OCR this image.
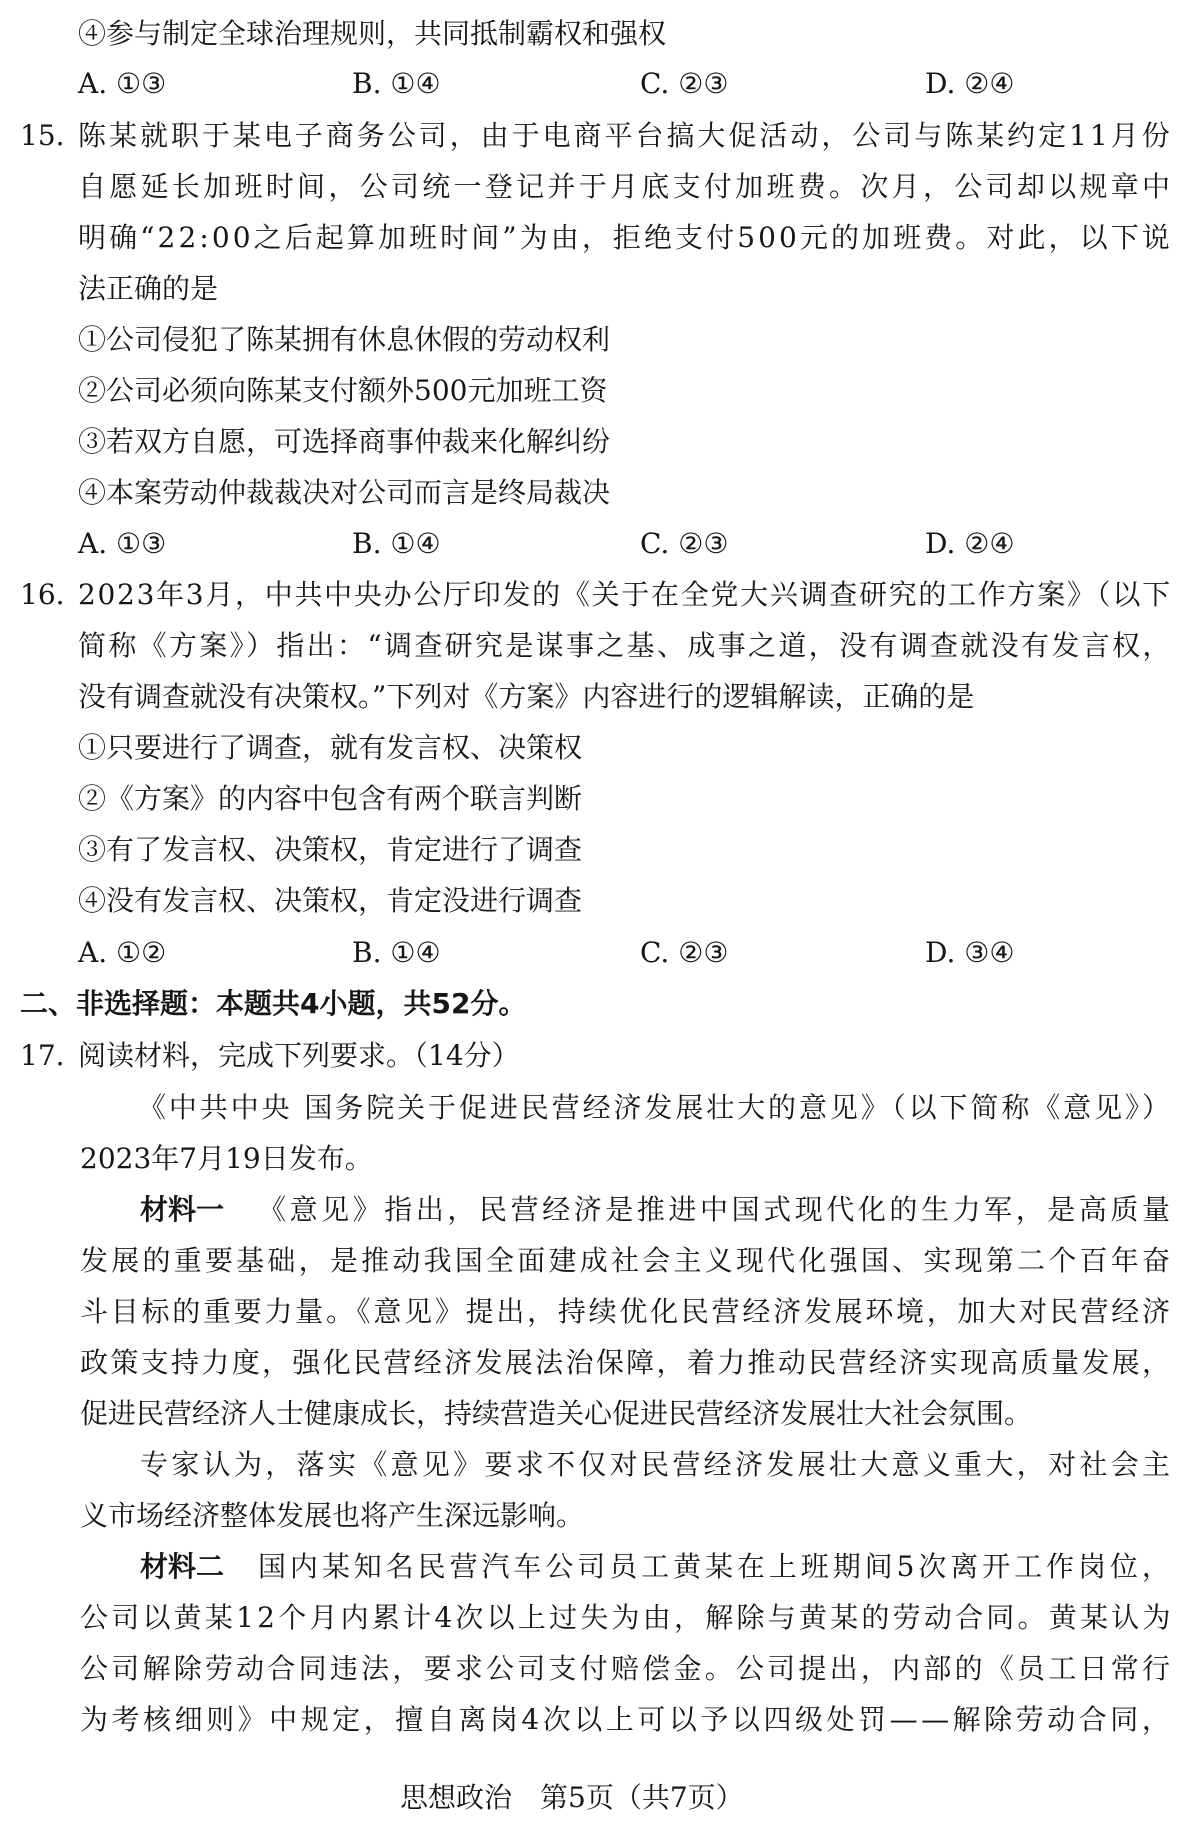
④参与制定全球治理规则，共同抵制霸权和强权
A. ①③	B. ①④	C. ②③	D. ②④
15. 陈某就职于某电子商务公司，由于电商平台搞大促活动，公司与陈某约定11月份
自愿延长加班时间，公司统一登记并于月底支付加班费。次月，公司却以规章中
明确“22:00之后起算加班时间”为由，拒绝支付500元的加班费。对此，以下说
法正确的是
①公司侵犯了陈某拥有休息休假的劳动权利
②公司必须向陈某支付额外500元加班工资
③若双方自愿，可选择商事仲裁来化解纠纷
④本案劳动仲裁裁决对公司而言是终局裁决
A. ①③	B. ①④	C. ②③	D. ②④
16. 2023年3月，中共中央办公厅印发的《关于在全党大兴调查研究的工作方案》（以下
简称《方案》）指出：“调查研究是谋事之基、成事之道，没有调查就没有发言权，
没有调查就没有决策权。”下列对《方案》内容进行的逻辑解读，正确的是
①只要进行了调查，就有发言权、决策权
②《方案》的内容中包含有两个联言判断
③有了发言权、决策权，肯定进行了调查
④没有发言权、决策权，肯定没进行调查
A. ①②	B. ①④	C. ②③	D. ③④
二、非选择题：本题共4小题，共52分。
17. 阅读材料，完成下列要求。（14分）
《中共中央 国务院关于促进民营经济发展壮大的意见》（以下简称《意见》）
2023年7月19日发布。
材料一 《意见》指出，民营经济是推进中国式现代化的生力军，是高质量
发展的重要基础，是推动我国全面建成社会主义现代化强国、实现第二个百年奋
斗目标的重要力量。《意见》提出，持续优化民营经济发展环境，加大对民营经济
政策支持力度，强化民营经济发展法治保障，着力推动民营经济实现高质量发展，
促进民营经济人士健康成长，持续营造关心促进民营经济发展壮大社会氛围。
专家认为，落实《意见》要求不仅对民营经济发展壮大意义重大，对社会主
义市场经济整体发展也将产生深远影响。
材料二 国内某知名民营汽车公司员工黄某在上班期间5次离开工作岗位，
公司以黄某12个月内累计4次以上过失为由，解除与黄某的劳动合同。黄某认为
公司解除劳动合同违法，要求公司支付赔偿金。公司提出，内部的《员工日常行
为考核细则》中规定，擅自离岗4次以上可以予以四级处罚——解除劳动合同，
思想政治　第5页（共7页）
